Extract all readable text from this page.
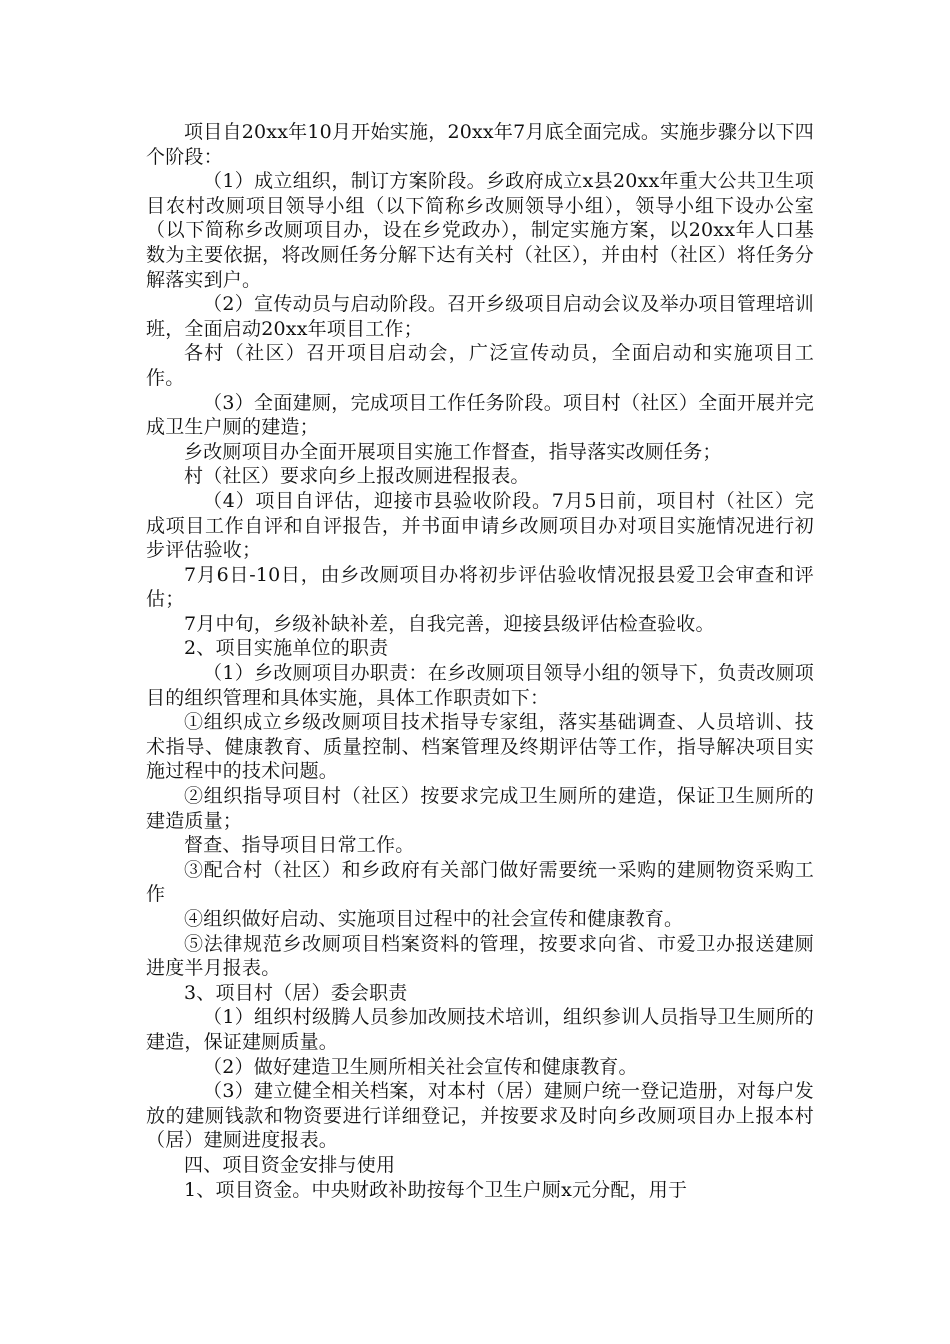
项目自20xx年10月开始实施，20xx年7月底全面完成。实施步骤分以下四个阶段：

（1）成立组织，制订方案阶段。乡政府成立x县20xx年重大公共卫生项目农村改厕项目领导小组（以下简称乡改厕领导小组），领导小组下设办公室（以下简称乡改厕项目办，设在乡党政办），制定实施方案，以20xx年人口基数为主要依据，将改厕任务分解下达有关村（社区），并由村（社区）将任务分解落实到户。

（2）宣传动员与启动阶段。召开乡级项目启动会议及举办项目管理培训班，全面启动20xx年项目工作；

各村（社区）召开项目启动会，广泛宣传动员，全面启动和实施项目工作。

（3）全面建厕，完成项目工作任务阶段。项目村（社区）全面开展并完成卫生户厕的建造；

乡改厕项目办全面开展项目实施工作督查，指导落实改厕任务；

村（社区）要求向乡上报改厕进程报表。

（4）项目自评估，迎接市县验收阶段。7月5日前，项目村（社区）完成项目工作自评和自评报告，并书面申请乡改厕项目办对项目实施情况进行初步评估验收；

7月6日-10日，由乡改厕项目办将初步评估验收情况报县爱卫会审查和评估；

7月中旬，乡级补缺补差，自我完善，迎接县级评估检查验收。

2、项目实施单位的职责

（1）乡改厕项目办职责：在乡改厕项目领导小组的领导下，负责改厕项目的组织管理和具体实施，具体工作职责如下：

①组织成立乡级改厕项目技术指导专家组，落实基础调查、人员培训、技术指导、健康教育、质量控制、档案管理及终期评估等工作，指导解决项目实施过程中的技术问题。

②组织指导项目村（社区）按要求完成卫生厕所的建造，保证卫生厕所的建造质量；

督查、指导项目日常工作。

③配合村（社区）和乡政府有关部门做好需要统一采购的建厕物资采购工作

④组织做好启动、实施项目过程中的社会宣传和健康教育。

⑤法律规范乡改厕项目档案资料的管理，按要求向省、市爱卫办报送建厕进度半月报表。

3、项目村（居）委会职责

（1）组织村级腾人员参加改厕技术培训，组织参训人员指导卫生厕所的建造，保证建厕质量。

（2）做好建造卫生厕所相关社会宣传和健康教育。

（3）建立健全相关档案，对本村（居）建厕户统一登记造册，对每户发放的建厕钱款和物资要进行详细登记，并按要求及时向乡改厕项目办上报本村（居）建厕进度报表。

四、项目资金安排与使用

1、项目资金。中央财政补助按每个卫生户厕x元分配，用于
